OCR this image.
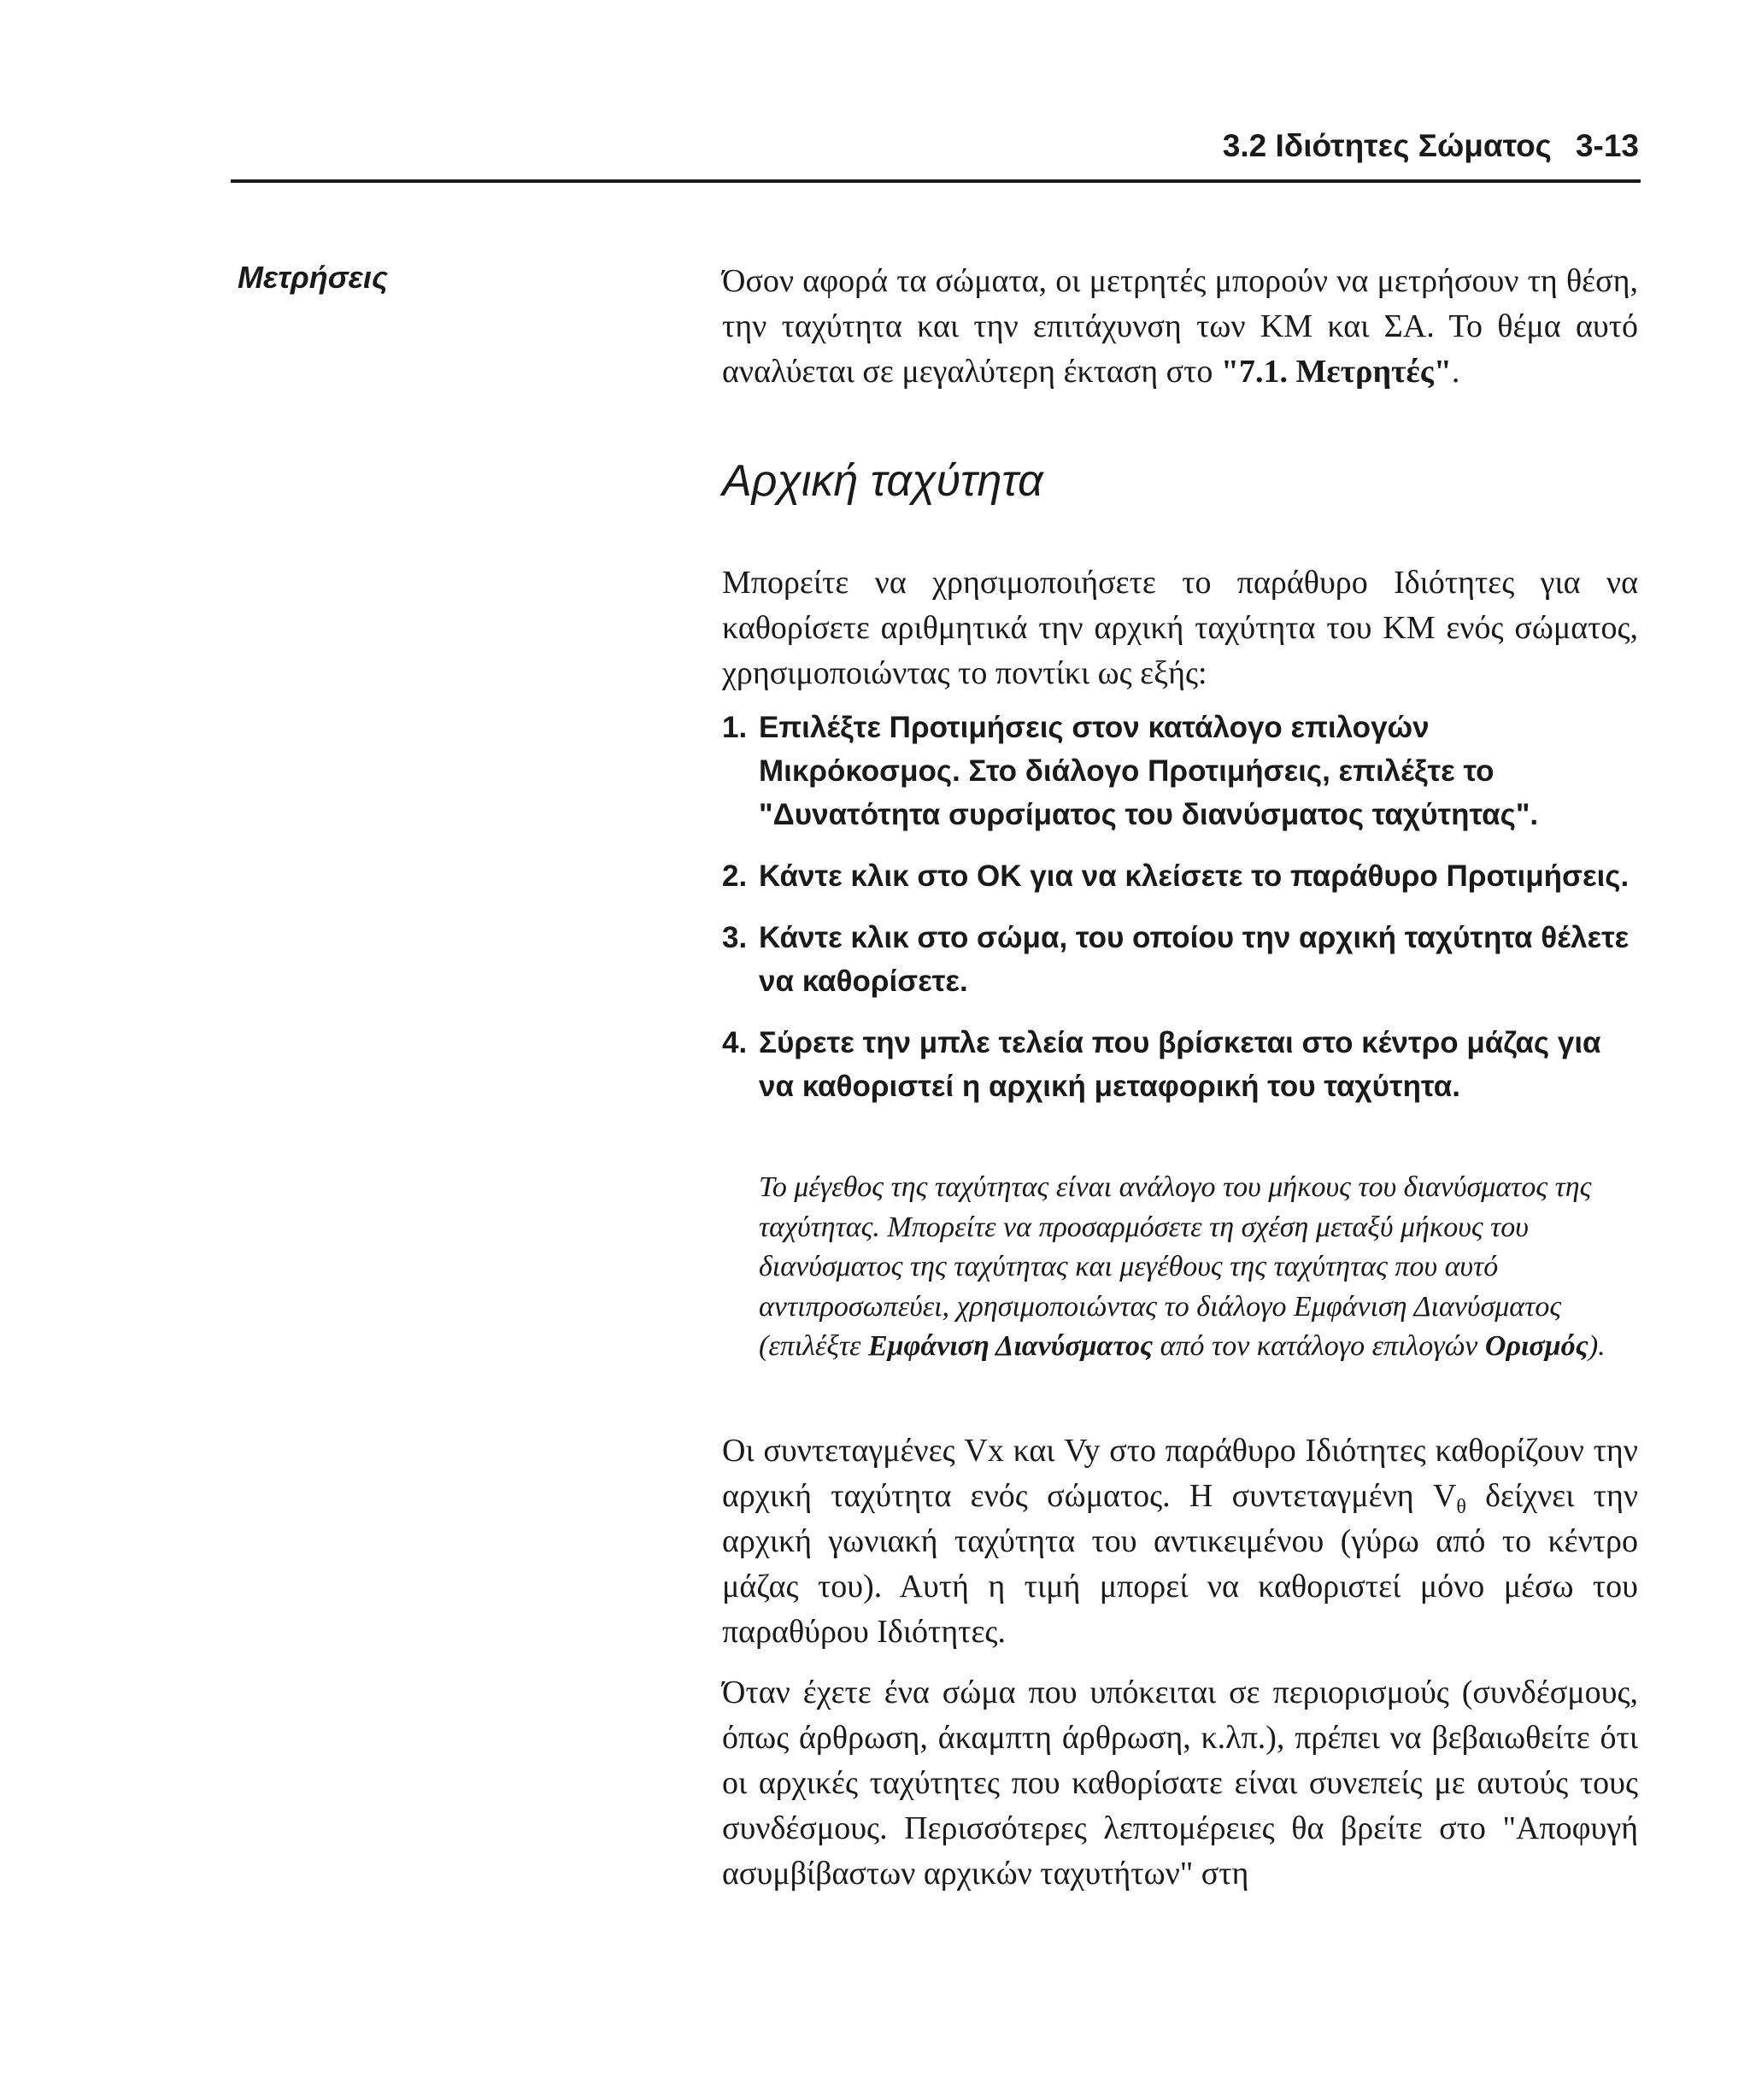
3.2 Ιδιότητες Σώματος 3-13
Μετρήσεις	Όσον αφορά τα σώματα, οι μετρητές μπορούν να μετρήσουν τη θέση, την ταχύτητα και την επιτάχυνση των ΚΜ και ΣΑ. Το θέμα αυτό αναλύεται σε μεγαλύτερη έκταση στο "7.1. Μετρητές".

Αρχική ταχύτητα

Μπορείτε να χρησιμοποιήσετε το παράθυρο Ιδιότητες για να καθορίσετε αριθμητικά την αρχική ταχύτητα του ΚΜ ενός σώματος, χρησιμοποιώντας το ποντίκι ως εξής:

1. Επιλέξτε Προτιμήσεις στον κατάλογο επιλογών Μικρόκοσμος. Στο διάλογο Προτιμήσεις, επιλέξτε το "Δυνατότητα συρσίματος του διανύσματος ταχύτητας".

2. Κάντε κλικ στο ΟΚ για να κλείσετε το παράθυρο Προτιμήσεις.

3. Κάντε κλικ στο σώμα, του οποίου την αρχική ταχύτητα θέλετε να καθορίσετε.

4. Σύρετε την μπλε τελεία που βρίσκεται στο κέντρο μάζας για να καθοριστεί η αρχική μεταφορική του ταχύτητα.

Το μέγεθος της ταχύτητας είναι ανάλογο του μήκους του διανύσματος της ταχύτητας. Μπορείτε να προσαρμόσετε τη σχέση μεταξύ μήκους του διανύσματος της ταχύτητας και μεγέθους της ταχύτητας που αυτό αντιπροσωπεύει, χρησιμοποιώντας το διάλογο Εμφάνιση Διανύσματος (επιλέξτε Εμφάνιση Διανύσματος από τον κατάλογο επιλογών Ορισμός).

Οι συντεταγμένες Vx και Vy στο παράθυρο Ιδιότητες καθορίζουν την αρχική ταχύτητα ενός σώματος. Η συντεταγμένη $V_\theta$ δείχνει την αρχική γωνιακή ταχύτητα του αντικειμένου (γύρω από το κέντρο μάζας του). Αυτή η τιμή μπορεί να καθοριστεί μόνο μέσω του παραθύρου Ιδιότητες.

Όταν έχετε ένα σώμα που υπόκειται σε περιορισμούς (συνδέσμους, όπως άρθρωση, άκαμπτη άρθρωση, κ.λπ.), πρέπει να βεβαιωθείτε ότι οι αρχικές ταχύτητες που καθορίσατε είναι συνεπείς με αυτούς τους συνδέσμους. Περισσότερες λεπτομέρειες θα βρείτε στο "Αποφυγή ασυμβίβαστων αρχικών ταχυτήτων" στη
